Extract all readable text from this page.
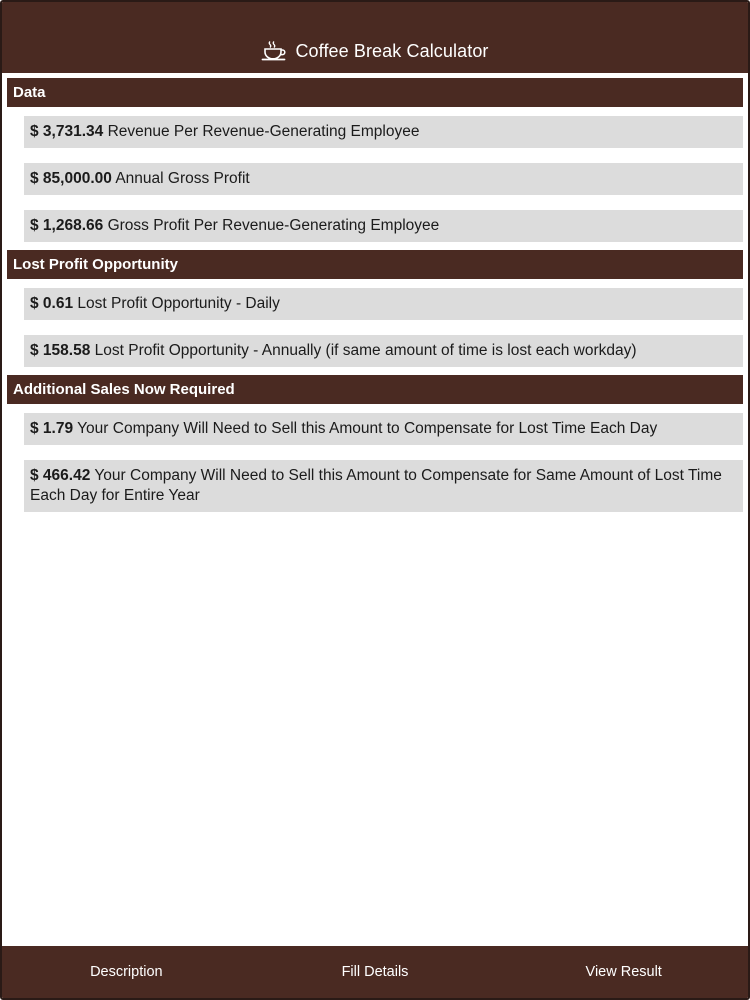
Coffee Break Calculator
Data
$ 3,731.34 Revenue Per Revenue-Generating Employee
$ 85,000.00 Annual Gross Profit
$ 1,268.66 Gross Profit Per Revenue-Generating Employee
Lost Profit Opportunity
$ 0.61 Lost Profit Opportunity - Daily
$ 158.58 Lost Profit Opportunity - Annually (if same amount of time is lost each workday)
Additional Sales Now Required
$ 1.79 Your Company Will Need to Sell this Amount to Compensate for Lost Time Each Day
$ 466.42 Your Company Will Need to Sell this Amount to Compensate for Same Amount of Lost Time Each Day for Entire Year
Description	Fill Details	View Result
